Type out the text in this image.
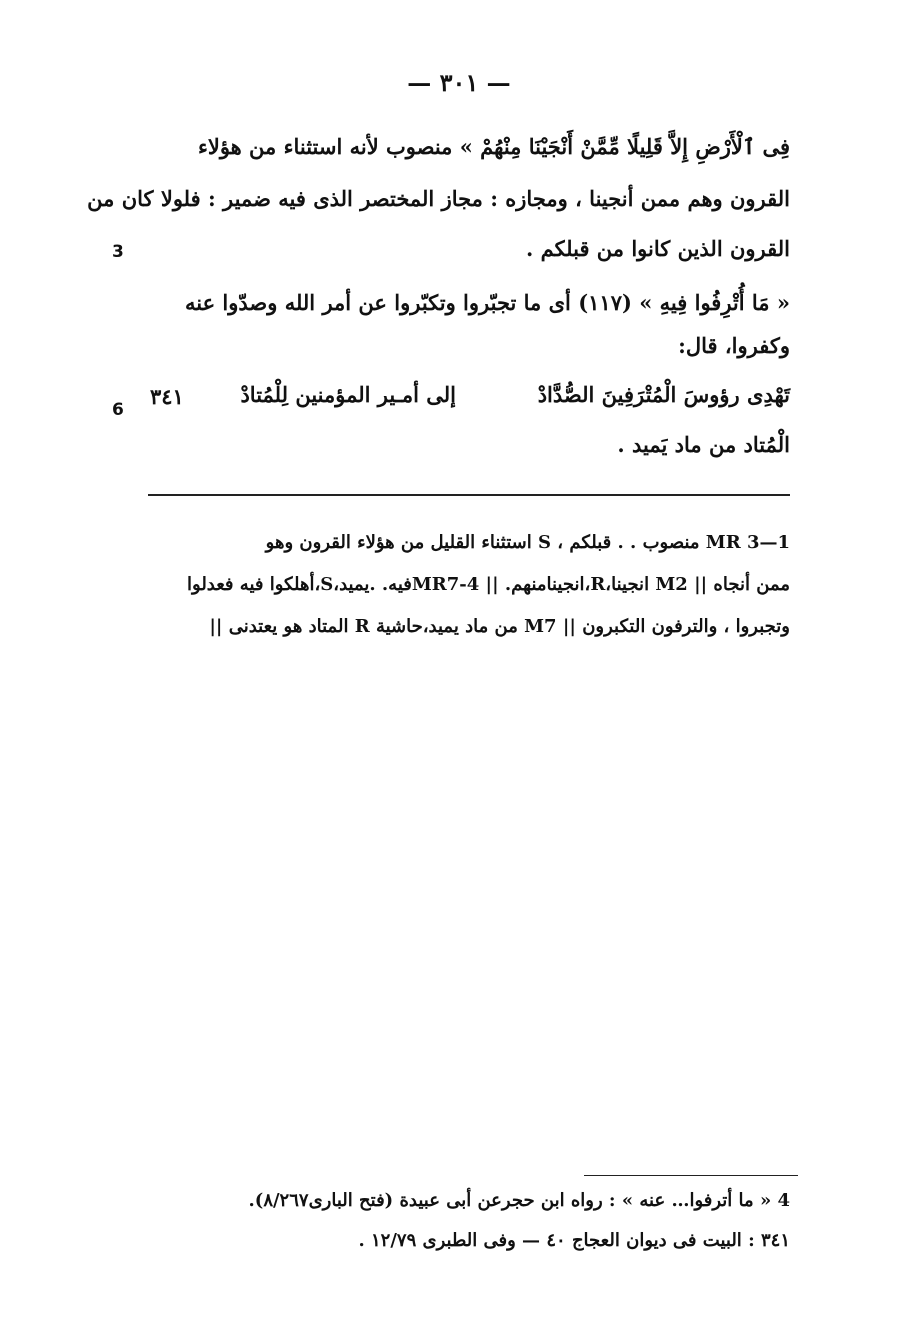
— ٣٠١ —
فِى ٱلْأَرْضِ إِلاَّ قَلِيلًا مِّمَّنْ أَنْجَيْنَا مِنْهُمْ » منصوب لأنه استثناء من هؤلاء
القرون وهم ممن أنجينا ، ومجازه : مجاز المختصر الذى فيه ضمير : فلولا كان من
القرون الذين كانوا من قبلكم .
« مَا أُتْرِفُوا فِيهِ » (١١٧) أى ما تجبّروا وتكبّروا عن أمر الله وصدّوا عنه
وكفروا، قال:
تَهْدِى رؤوسَ الْمُتْرَفِينَ الصُّدَّادْ
إلى أمـير المؤمنين لِلْمُتادْ
٣٤١
الْمُتاد من ماد يَميد .
3
6
MR 3—1 منصوب . . قبلكم ، S استثناء القليل من هؤلاء القرون وهو
ممن أنجاه || M2 انجينا،R،انجينامنهم. || MR7-4فيه. .يميد،S،أهلكوا فيه فعدلوا
وتجبروا ، والترفون التكبرون || M7 من ماد يميد،حاشية R المتاد هو يعتدنى ||
4 « ما أترفوا… عنه » : رواه ابن حجرعن أبى عبيدة (فتح البارى٨/٢٦٧).
٣٤١ : البيت فى ديوان العجاج ٤٠ — وفى الطبرى ١٢/٧٩ .
